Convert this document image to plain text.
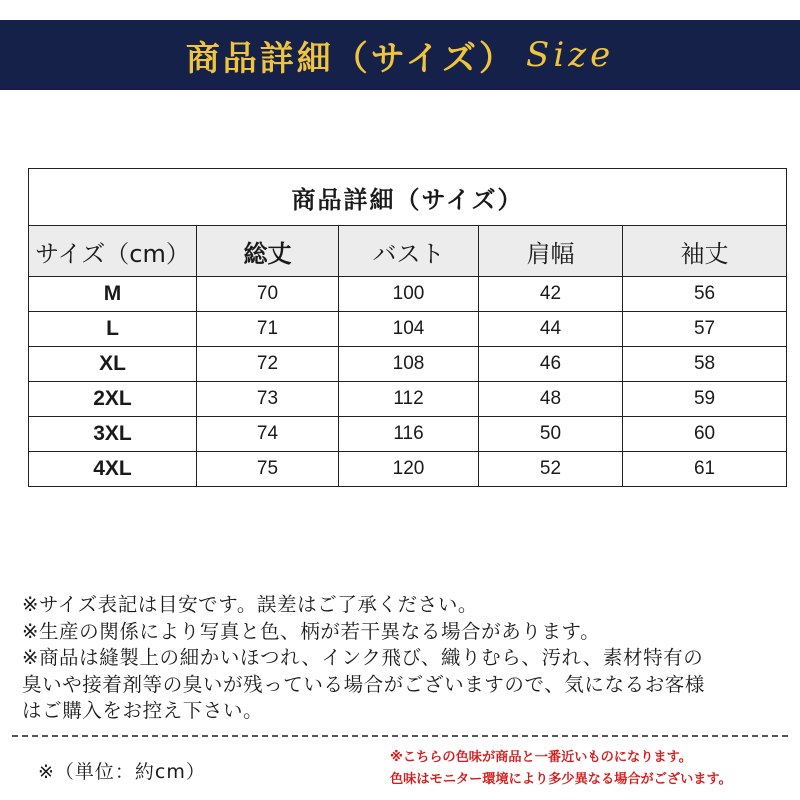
商品詳細（サイズ） Size
商品詳細（サイズ）				
サイズ（cm）	総丈	バスト	肩幅	袖丈
M	70	100	42	56
L	71	104	44	57
XL	72	108	46	58
2XL	73	112	48	59
3XL	74	116	50	60
4XL	75	120	52	61
※サイズ表記は目安です。誤差はご了承ください。
※生産の関係により写真と色、柄が若干異なる場合があります。
※商品は縫製上の細かいほつれ、インク飛び、織りむら、汚れ、素材特有の
臭いや接着剤等の臭いが残っている場合がございますので、気になるお客様
はご購入をお控え下さい。
※（単位：約cm）
※こちらの色味が商品と一番近いものになります。
色味はモニター環境により多少異なる場合がございます。
